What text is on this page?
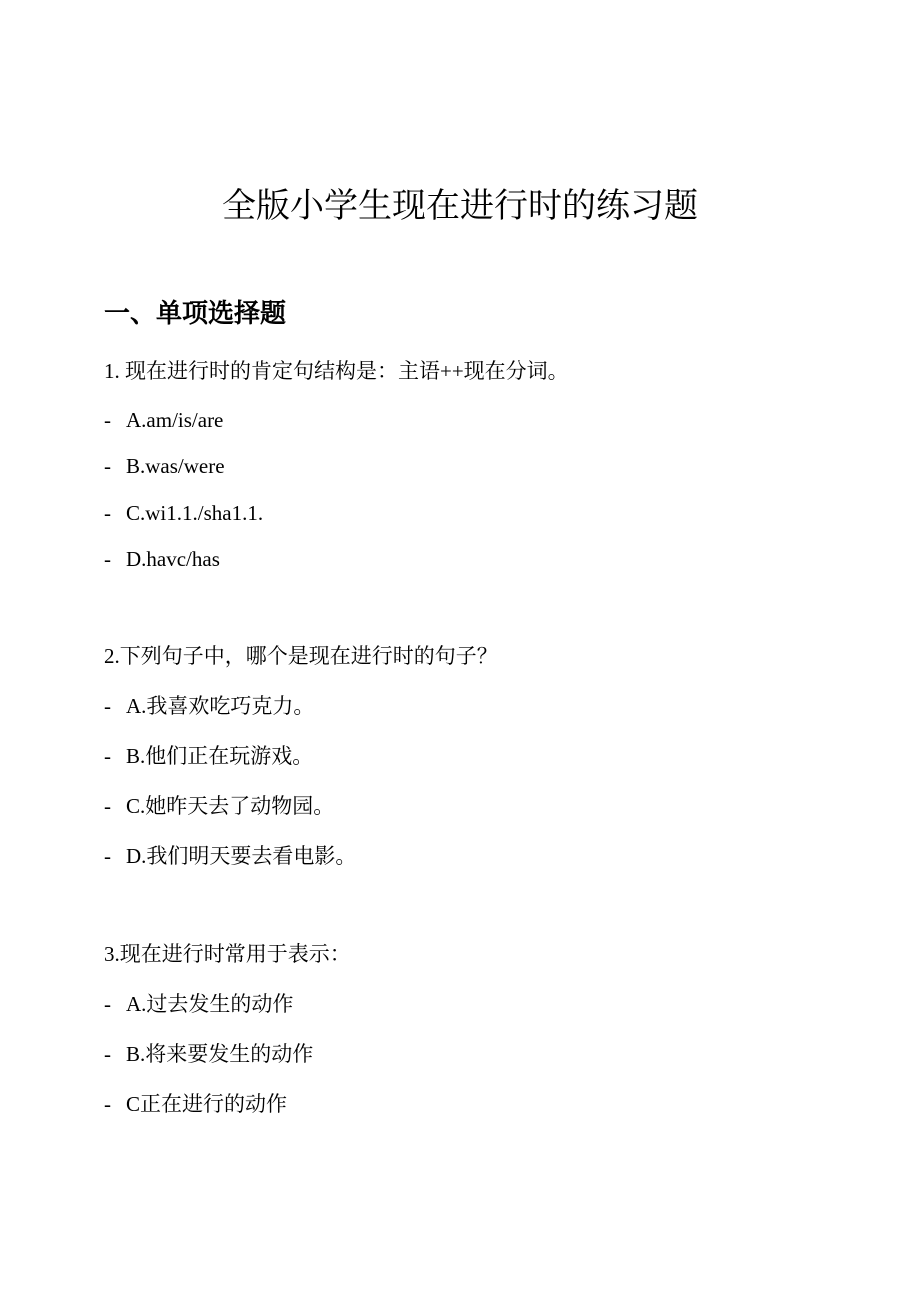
全版小学生现在进行时的练习题
一、单项选择题

1. 现在进行时的肯定句结构是：主语++现在分词。

- A.am/is/are

- B.was/were

- C.wi1.1./sha1.1.

- D.havc/has

2.下列句子中，哪个是现在进行时的句子？

- A.我喜欢吃巧克力。

- B.他们正在玩游戏。

- C.她昨天去了动物园。

- D.我们明天要去看电影。

3.现在进行时常用于表示：

- A.过去发生的动作

- B.将来要发生的动作

- C正在进行的动作
